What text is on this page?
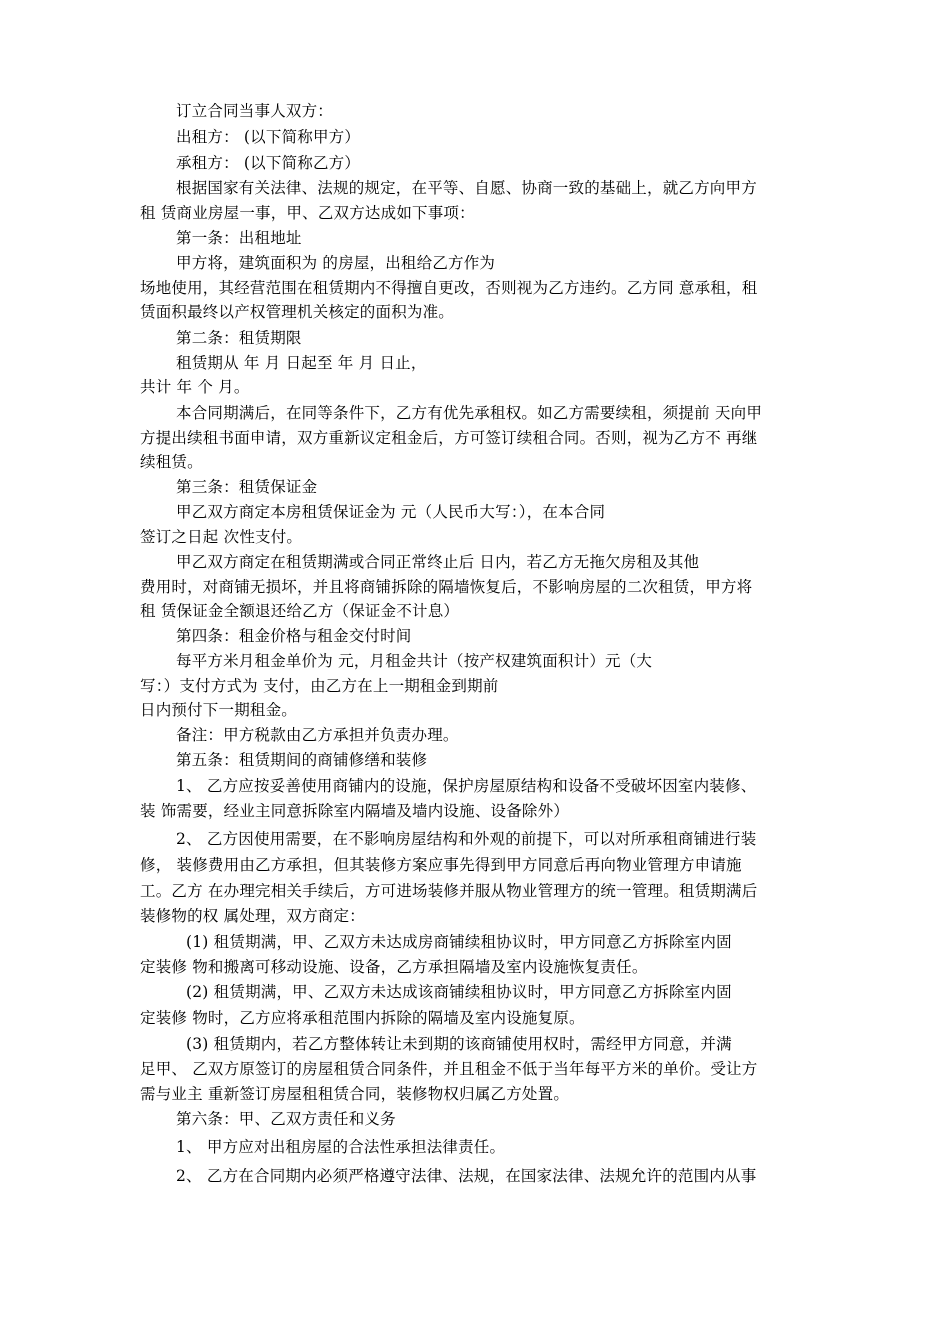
订立合同当事人双方：
出租方： (以下简称甲方）
承租方： (以下简称乙方）
根据国家有关法律、法规的规定，在平等、自愿、协商一致的基础上，就乙方向甲方
租 赁商业房屋一事，甲、乙双方达成如下事项：
第一条：出租地址
甲方将，建筑面积为 的房屋，出租给乙方作为
场地使用，其经营范围在租赁期内不得擅自更改，否则视为乙方违约。乙方同 意承租，租
赁面积最终以产权管理机关核定的面积为准。
第二条：租赁期限
租赁期从 年 月 日起至 年 月 日止，
共计 年 个 月。
本合同期满后，在同等条件下，乙方有优先承租权。如乙方需要续租，须提前 天向甲
方提出续租书面申请，双方重新议定租金后，方可签订续租合同。否则，视为乙方不 再继
续租赁。
第三条：租赁保证金
甲乙双方商定本房租赁保证金为 元（人民币大写：），在本合同
签订之日起 次性支付。
甲乙双方商定在租赁期满或合同正常终止后 日内，若乙方无拖欠房租及其他
费用时，对商铺无损坏，并且将商铺拆除的隔墙恢复后，不影响房屋的二次租赁，甲方将
租 赁保证金全额退还给乙方（保证金不计息）
第四条：租金价格与租金交付时间
每平方米月租金单价为 元，月租金共计（按产权建筑面积计）元（大
写：）支付方式为 支付，由乙方在上一期租金到期前
日内预付下一期租金。
备注：甲方税款由乙方承担并负责办理。
第五条：租赁期间的商铺修缮和装修
1、 乙方应按妥善使用商铺内的设施，保护房屋原结构和设备不受破坏因室内装修、
装 饰需要，经业主同意拆除室内隔墙及墙内设施、设备除外）
2、 乙方因使用需要，在不影响房屋结构和外观的前提下，可以对所承租商铺进行装
修， 装修费用由乙方承担，但其装修方案应事先得到甲方同意后再向物业管理方申请施
工。乙方 在办理完相关手续后，方可进场装修并服从物业管理方的统一管理。租赁期满后
装修物的权 属处理，双方商定：
(1) 租赁期满，甲、乙双方未达成房商铺续租协议时，甲方同意乙方拆除室内固
定装修 物和搬离可移动设施、设备，乙方承担隔墙及室内设施恢复责任。
(2) 租赁期满，甲、乙双方未达成该商铺续租协议时，甲方同意乙方拆除室内固
定装修 物时，乙方应将承租范围内拆除的隔墙及室内设施复原。
(3) 租赁期内，若乙方整体转让未到期的该商铺使用权时，需经甲方同意，并满
足甲、 乙双方原签订的房屋租赁合同条件，并且租金不低于当年每平方米的单价。受让方
需与业主 重新签订房屋租租赁合同，装修物权归属乙方处置。
第六条：甲、乙双方责任和义务
1、 甲方应对出租房屋的合法性承担法律责任。
2、 乙方在合同期内必须严格遵守法律、法规，在国家法律、法规允许的范围内从事
